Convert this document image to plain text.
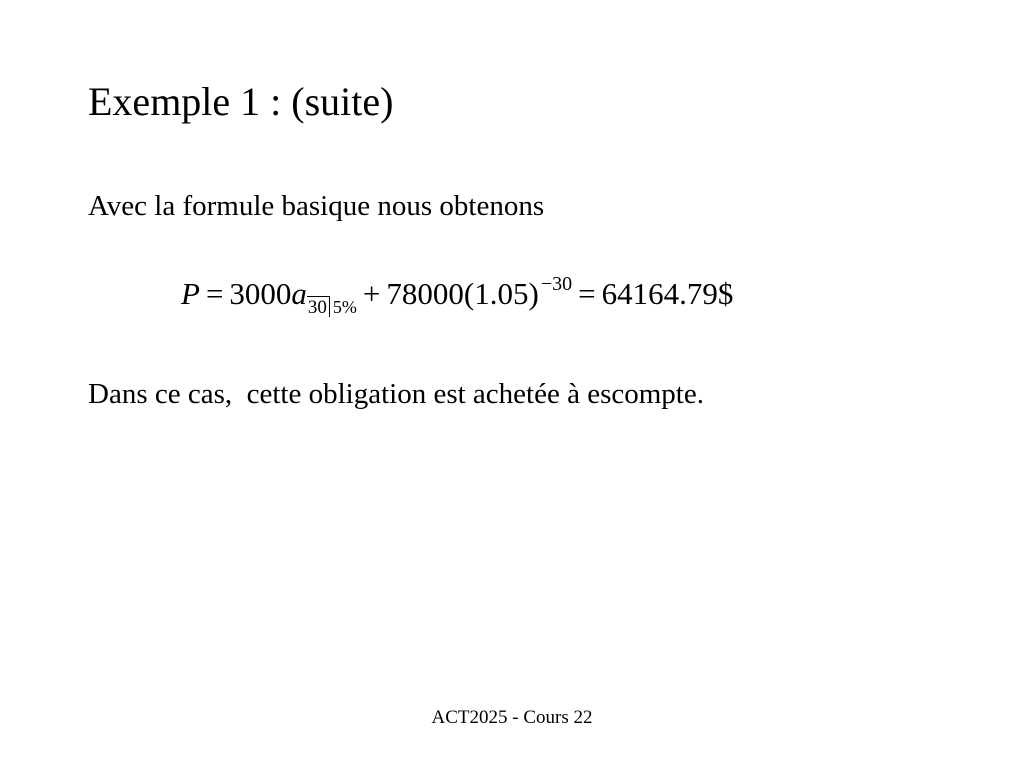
Exemple 1 : (suite)
Avec la formule basique nous obtenons
P = 3000a30 5% + 78000(1.05) −30 = 64164.79$
Dans ce cas,  cette obligation est achetée à escompte.
ACT2025 - Cours 22
